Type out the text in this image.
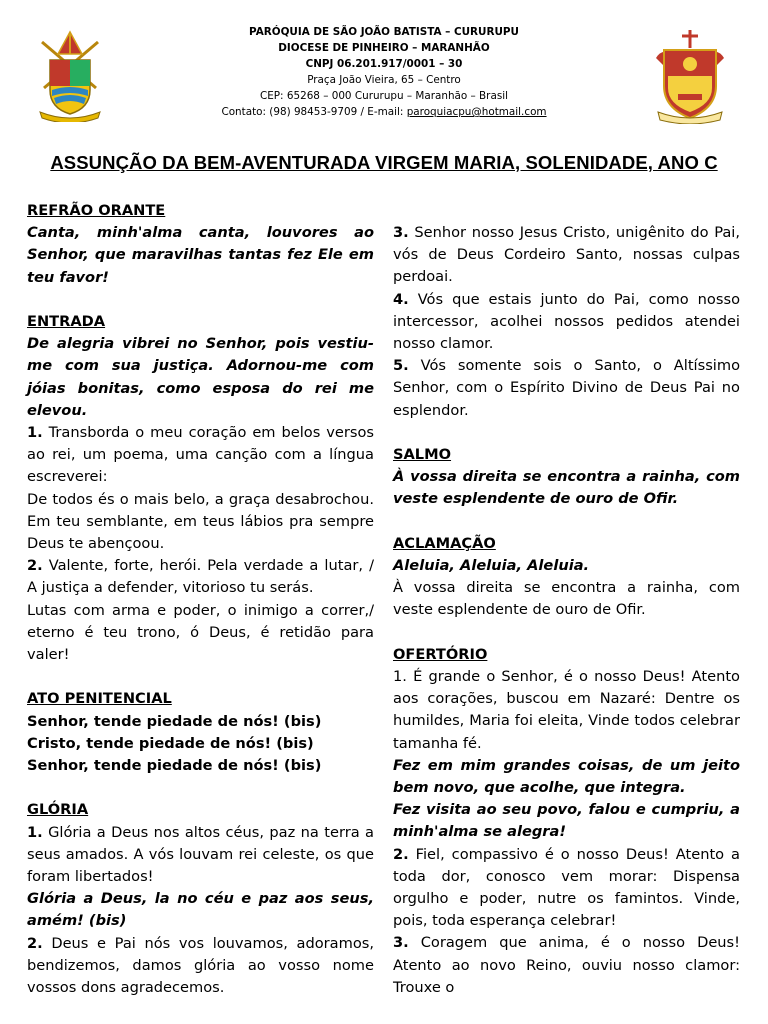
PARÓQUIA DE SÃO JOÃO BATISTA – CURURUPU
DIOCESE DE PINHEIRO – MARANHÃO
CNPJ 06.201.917/0001 – 30
Praça João Vieira, 65 – Centro
CEP: 65268 – 000 Cururupu – Maranhão – Brasil
Contato: (98) 98453-9709 / E-mail: paroquiacpu@hotmail.com
ASSUNÇÃO DA BEM-AVENTURADA VIRGEM MARIA, SOLENIDADE, ANO C

REFRÃO ORANTE

Canta, minh'alma canta, louvores ao Senhor, que maravilhas tantas fez Ele em teu favor!

ENTRADA

De alegria vibrei no Senhor, pois vestiu-me com sua justiça. Adornou-me com jóias bonitas, como esposa do rei me elevou.

1. Transborda o meu coração em belos versos ao rei, um poema, uma canção com a língua escreverei:

De todos és o mais belo, a graça desabrochou. Em teu semblante, em teus lábios pra sempre Deus te abençoou.

2. Valente, forte, herói. Pela verdade a lutar, / A justiça a defender, vitorioso tu serás.

Lutas com arma e poder, o inimigo a correr,/ eterno é teu trono, ó Deus, é retidão para valer!

ATO PENITENCIAL

Senhor, tende piedade de nós! (bis)

Cristo, tende piedade de nós! (bis)

Senhor, tende piedade de nós! (bis)

GLÓRIA

1. Glória a Deus nos altos céus, paz na terra a seus amados. A vós louvam rei celeste, os que foram libertados!

Glória a Deus, la no céu e paz aos seus, amém! (bis)

2. Deus e Pai nós vos louvamos, adoramos, bendizemos, damos glória ao vosso nome vossos dons agradecemos.

3. Senhor nosso Jesus Cristo, unigênito do Pai, vós de Deus Cordeiro Santo, nossas culpas perdoai.

4. Vós que estais junto do Pai, como nosso intercessor, acolhei nossos pedidos atendei nosso clamor.

5. Vós somente sois o Santo, o Altíssimo Senhor, com o Espírito Divino de Deus Pai no esplendor.

SALMO

À vossa direita se encontra a rainha, com veste esplendente de ouro de Ofir.

ACLAMAÇÃO

Aleluia, Aleluia, Aleluia.

À vossa direita se encontra a rainha, com veste esplendente de ouro de Ofir.

OFERTÓRIO

1. É grande o Senhor, é o nosso Deus! Atento aos corações, buscou em Nazaré: Dentre os humildes, Maria foi eleita, Vinde todos celebrar tamanha fé.

Fez em mim grandes coisas, de um jeito bem novo, que acolhe, que integra.

Fez visita ao seu povo, falou e cumpriu, a minh'alma se alegra!

2. Fiel, compassivo é o nosso Deus! Atento a toda dor, conosco vem morar: Dispensa orgulho e poder, nutre os famintos. Vinde, pois, toda esperança celebrar!

3. Coragem que anima, é o nosso Deus! Atento ao novo Reino, ouviu nosso clamor: Trouxe o
